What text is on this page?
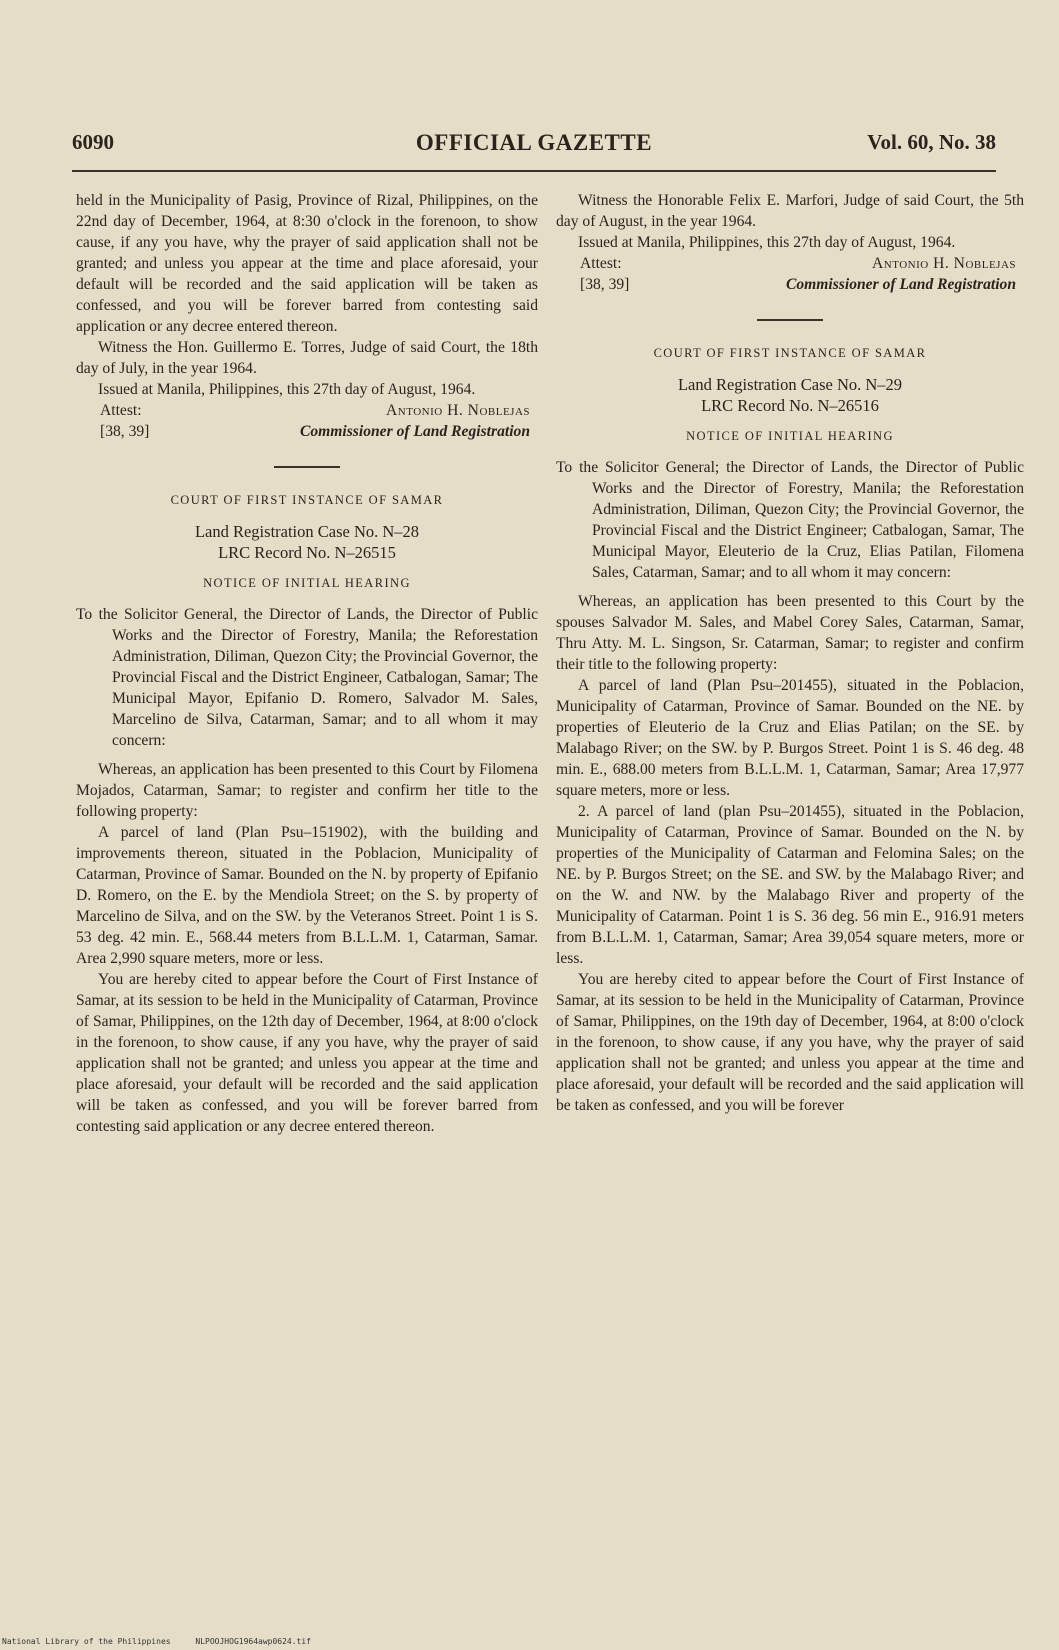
6090	OFFICIAL GAZETTE	Vol. 60, No. 38

held in the Municipality of Pasig, Province of Rizal, Philippines, on the 22nd day of December, 1964, at 8:30 o'clock in the forenoon, to show cause, if any you have, why the prayer of said application shall not be granted; and unless you appear at the time and place aforesaid, your default will be recorded and the said application will be taken as confessed, and you will be forever barred from contesting said application or any decree entered thereon.

Witness the Hon. Guillermo E. Torres, Judge of said Court, the 18th day of July, in the year 1964.

Issued at Manila, Philippines, this 27th day of August, 1964.

Attest:	Antonio H. Noblejas
[38, 39]	Commissioner of Land Registration

COURT OF FIRST INSTANCE OF SAMAR

Land Registration Case No. N–28

LRC Record No. N–26515

NOTICE OF INITIAL HEARING

To the Solicitor General, the Director of Lands, the Director of Public Works and the Director of Forestry, Manila; the Reforestation Administration, Diliman, Quezon City; the Provincial Governor, the Provincial Fiscal and the District Engineer, Catbalogan, Samar; The Municipal Mayor, Epifanio D. Romero, Salvador M. Sales, Marcelino de Silva, Catarman, Samar; and to all whom it may concern:

Whereas, an application has been presented to this Court by Filomena Mojados, Catarman, Samar; to register and confirm her title to the following property:

A parcel of land (Plan Psu–151902), with the building and improvements thereon, situated in the Poblacion, Municipality of Catarman, Province of Samar. Bounded on the N. by property of Epifanio D. Romero, on the E. by the Mendiola Street; on the S. by property of Marcelino de Silva, and on the SW. by the Veteranos Street. Point 1 is S. 53 deg. 42 min. E., 568.44 meters from B.L.L.M. 1, Catarman, Samar. Area 2,990 square meters, more or less.

You are hereby cited to appear before the Court of First Instance of Samar, at its session to be held in the Municipality of Catarman, Province of Samar, Philippines, on the 12th day of December, 1964, at 8:00 o'clock in the forenoon, to show cause, if any you have, why the prayer of said application shall not be granted; and unless you appear at the time and place aforesaid, your default will be recorded and the said application will be taken as confessed, and you will be forever barred from contesting said application or any decree entered thereon.

Witness the Honorable Felix E. Marfori, Judge of said Court, the 5th day of August, in the year 1964.

Issued at Manila, Philippines, this 27th day of August, 1964.

Attest:	Antonio H. Noblejas
[38, 39]	Commissioner of Land Registration

COURT OF FIRST INSTANCE OF SAMAR

Land Registration Case No. N–29

LRC Record No. N–26516

NOTICE OF INITIAL HEARING

To the Solicitor General; the Director of Lands, the Director of Public Works and the Director of Forestry, Manila; the Reforestation Administration, Diliman, Quezon City; the Provincial Governor, the Provincial Fiscal and the District Engineer; Catbalogan, Samar, The Municipal Mayor, Eleuterio de la Cruz, Elias Patilan, Filomena Sales, Catarman, Samar; and to all whom it may concern:

Whereas, an application has been presented to this Court by the spouses Salvador M. Sales, and Mabel Corey Sales, Catarman, Samar, Thru Atty. M. L. Singson, Sr. Catarman, Samar; to register and confirm their title to the following property:

A parcel of land (Plan Psu–201455), situated in the Poblacion, Municipality of Catarman, Province of Samar. Bounded on the NE. by properties of Eleuterio de la Cruz and Elias Patilan; on the SE. by Malabago River; on the SW. by P. Burgos Street. Point 1 is S. 46 deg. 48 min. E., 688.00 meters from B.L.L.M. 1, Catarman, Samar; Area 17,977 square meters, more or less.

2. A parcel of land (plan Psu–201455), situated in the Poblacion, Municipality of Catarman, Province of Samar. Bounded on the N. by properties of the Municipality of Catarman and Felomina Sales; on the NE. by P. Burgos Street; on the SE. and SW. by the Malabago River; and on the W. and NW. by the Malabago River and property of the Municipality of Catarman. Point 1 is S. 36 deg. 56 min E., 916.91 meters from B.L.L.M. 1, Catarman, Samar; Area 39,054 square meters, more or less.

You are hereby cited to appear before the Court of First Instance of Samar, at its session to be held in the Municipality of Catarman, Province of Samar, Philippines, on the 19th day of December, 1964, at 8:00 o'clock in the forenoon, to show cause, if any you have, why the prayer of said application shall not be granted; and unless you appear at the time and place aforesaid, your default will be recorded and the said application will be taken as confessed, and you will be forever

National Library of the Philippines	NLPOOJHOG1964awp0624.tif
